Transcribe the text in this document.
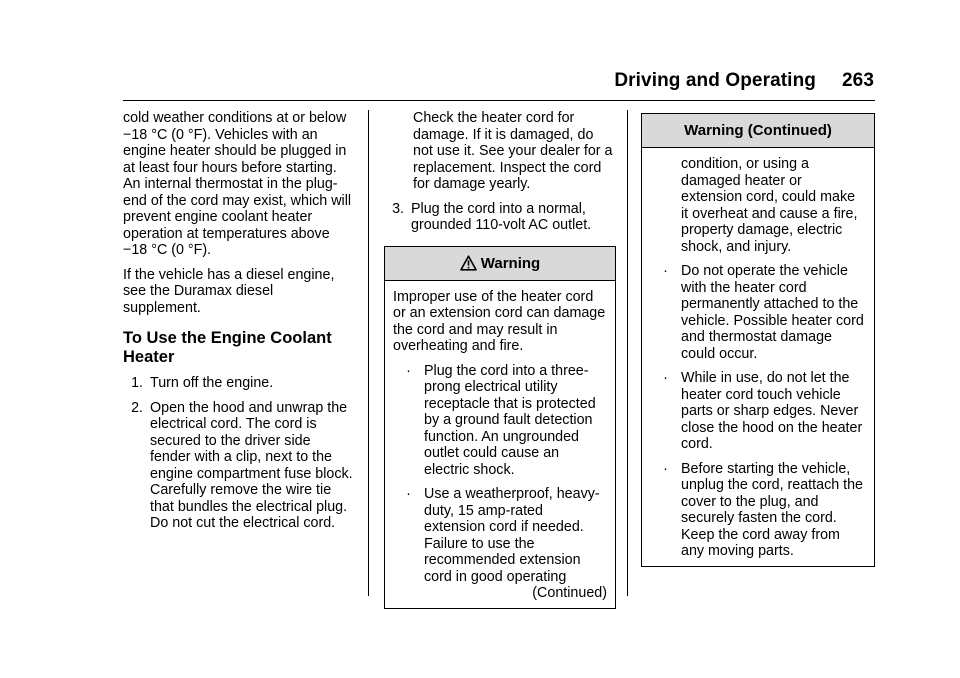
Driving and Operating 263

cold weather conditions at or below −18 °C (0 °F). Vehicles with an engine heater should be plugged in at least four hours before starting. An internal thermostat in the plug-end of the cord may exist, which will prevent engine coolant heater operation at temperatures above −18 °C (0 °F).

If the vehicle has a diesel engine, see the Duramax diesel supplement.

To Use the Engine Coolant Heater
1. Turn off the engine.
2. Open the hood and unwrap the electrical cord. The cord is secured to the driver side fender with a clip, next to the engine compartment fuse block. Carefully remove the wire tie that bundles the electrical plug. Do not cut the electrical cord.

Check the heater cord for damage. If it is damaged, do not use it. See your dealer for a replacement. Inspect the cord for damage yearly.

3. Plug the cord into a normal, grounded 110-volt AC outlet.
Warning

Improper use of the heater cord or an extension cord can damage the cord and may result in overheating and fire.

· Plug the cord into a three-prong electrical utility receptacle that is protected by a ground fault detection function. An ungrounded outlet could cause an electric shock.
· Use a weatherproof, heavy-duty, 15 amp-rated extension cord if needed. Failure to use the recommended extension cord in good operating
(Continued)
Warning (Continued)

condition, or using a damaged heater or extension cord, could make it overheat and cause a fire, property damage, electric shock, and injury.

· Do not operate the vehicle with the heater cord permanently attached to the vehicle. Possible heater cord and thermostat damage could occur.
· While in use, do not let the heater cord touch vehicle parts or sharp edges. Never close the hood on the heater cord.
· Before starting the vehicle, unplug the cord, reattach the cover to the plug, and securely fasten the cord. Keep the cord away from any moving parts.
